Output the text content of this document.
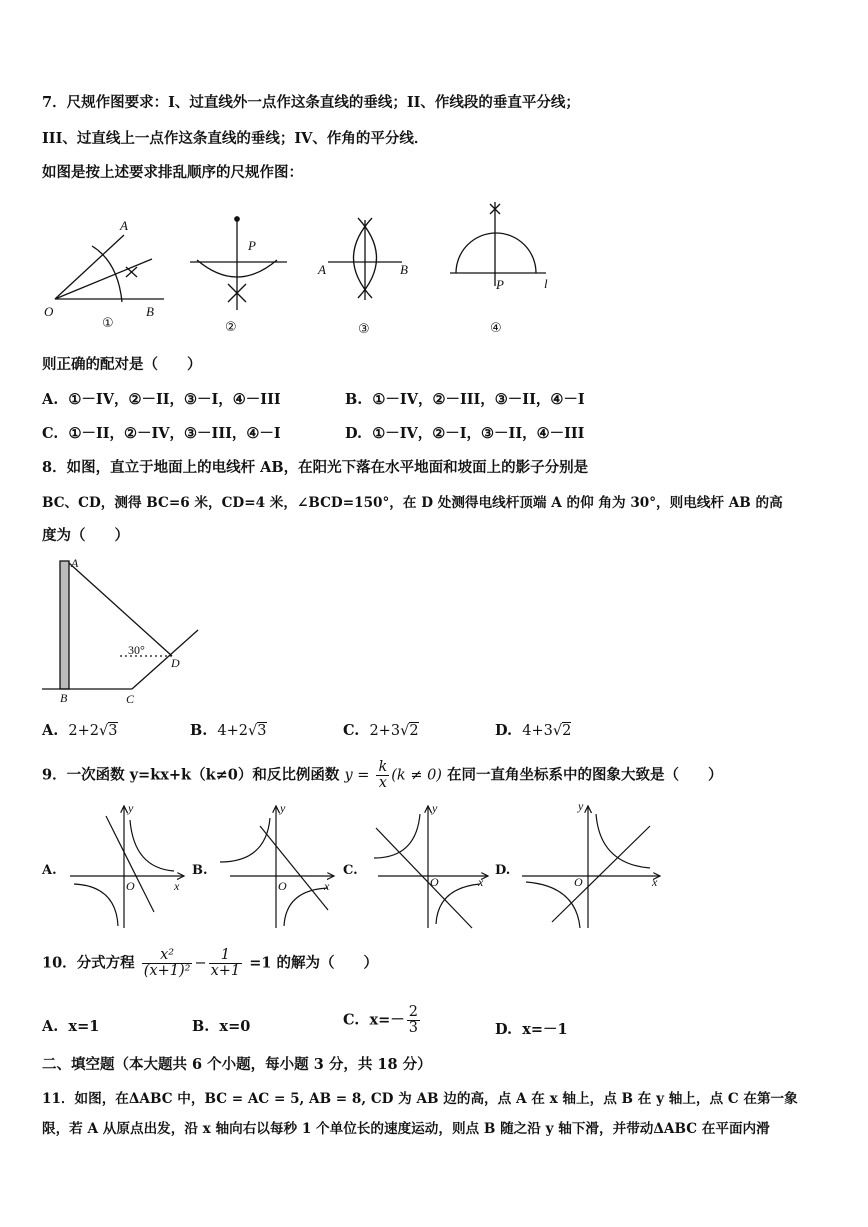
7．尺规作图要求：I、过直线外一点作这条直线的垂线；II、作线段的垂直平分线；
III、过直线上一点作这条直线的垂线；IV、作角的平分线．
如图是按上述要求排乱顺序的尺规作图：
A
O	B
P
A	B
P	l
①	②	③	④
则正确的配对是（　　）
A. ①－IV，②－II，③－I，④－III	B. ①－IV，②－III，③－II，④－I
C. ①－II，②－IV，③－III，④－I	D. ①－IV，②－I，③－II，④－III
8．如图，直立于地面上的电线杆 AB，在阳光下落在水平地面和坡面上的影子分别是
BC、CD，测得 BC=6 米，CD=4 米，∠BCD=150°，在 D 处测得电线杆顶端 A 的仰 角为 30°，则电线杆 AB 的高
度为（　　）
A
B	C
D
30°
A. 2+2√3	B. 4+2√3	C. 2+3√2	D. 4+3√2
9．一次函数 y=kx+k（k≠0）和反比例函数 $y = \frac{k}{x} (k \ne 0)$ 在同一直角坐标系中的图象大致是（　　）
y
x
O
y
x
O
y
x
O
y
x
O
A.	B.	C.	D.
10．分式方程 $\frac{\text{x²}}{\text{(x+1)²}} - \frac{1}{x+1} =1$ 的解为（　　）
A. x=1	B. x=0	C. $x=- \frac{2}{3}$	D. x=－1
二、填空题（本大题共 6 个小题，每小题 3 分，共 18 分）
11．如图，在ΔABC 中，BC = AC = 5, AB = 8, CD 为 AB 边的高，点 A 在 x 轴上，点 B 在 y 轴上，点 C 在第一象
限，若 A 从原点出发，沿 x 轴向右以每秒 1 个单位长的速度运动，则点 B 随之沿 y 轴下滑，并带动ΔABC 在平面内滑
